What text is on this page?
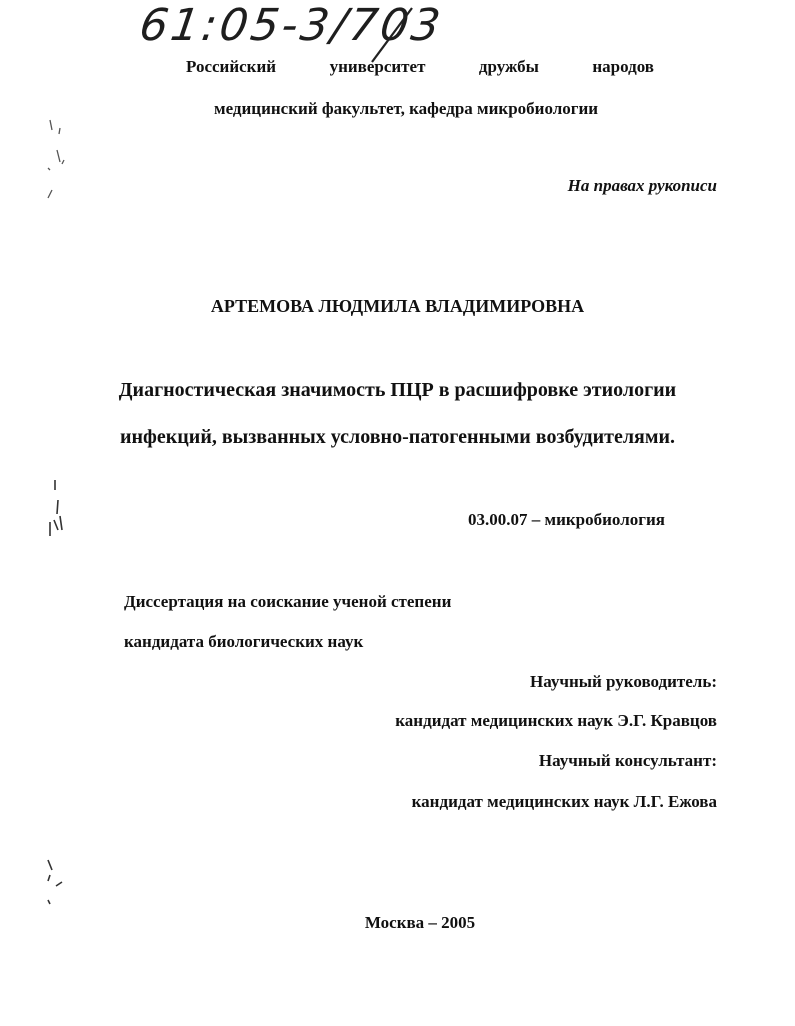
61:05-3/703
Российский	университет	дружбы	народов
медицинский факультет, кафедра микробиологии
На правах рукописи
АРТЕМОВА ЛЮДМИЛА ВЛАДИМИРОВНА
Диагностическая значимость ПЦР в расшифровке этиологии
инфекций, вызванных условно-патогенными возбудителями.
03.00.07 – микробиология
Диссертация на соискание ученой степени
кандидата биологических наук
Научный руководитель:
кандидат медицинских наук Э.Г. Кравцов
Научный консультант:
кандидат медицинских наук Л.Г. Ежова
Москва – 2005
